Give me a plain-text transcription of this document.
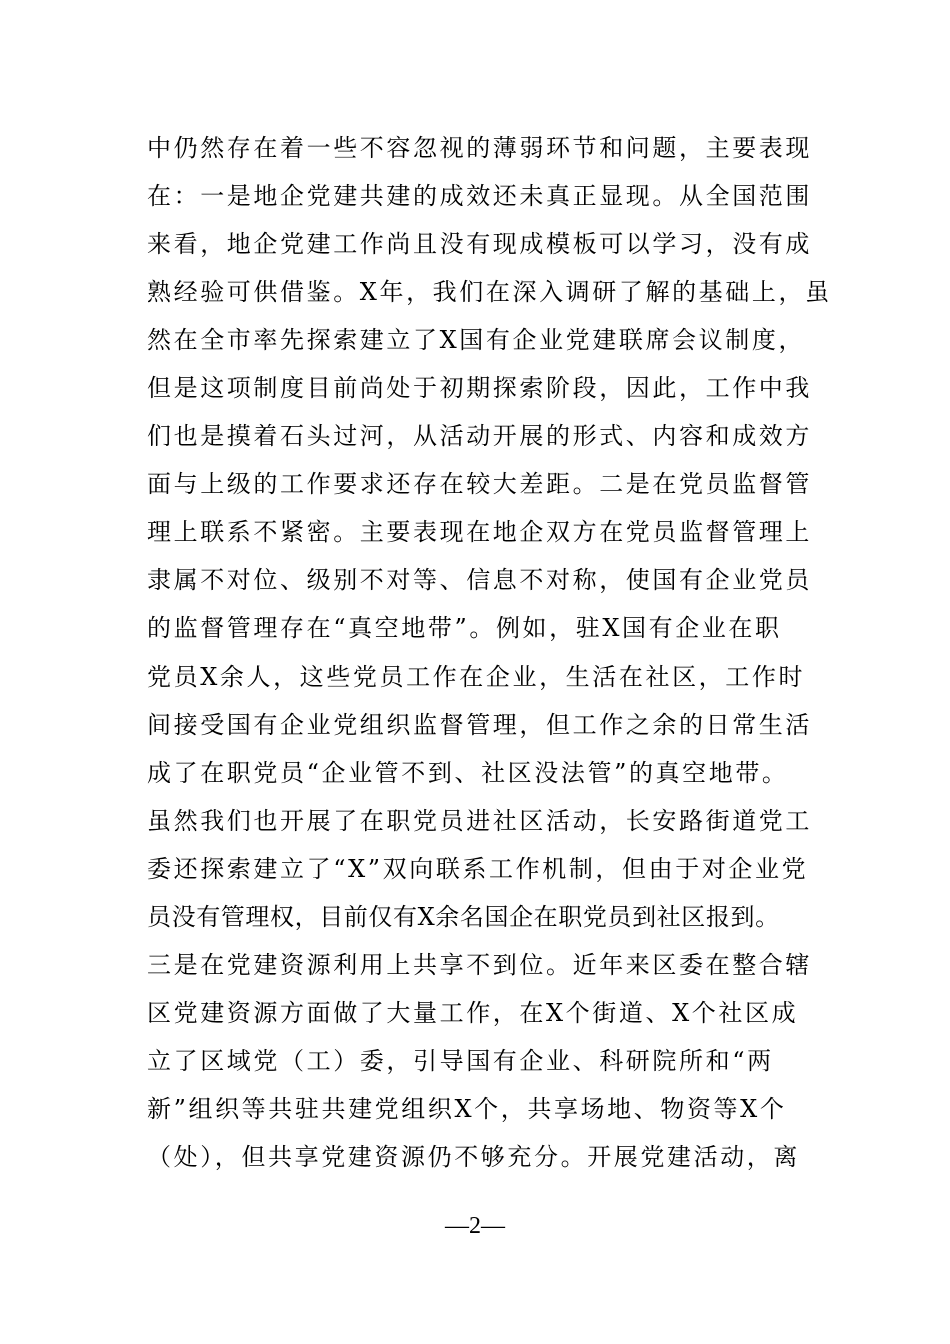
中仍然存在着一些不容忽视的薄弱环节和问题，主要表现
在：一是地企党建共建的成效还未真正显现。从全国范围
来看，地企党建工作尚且没有现成模板可以学习，没有成
熟经验可供借鉴。X年，我们在深入调研了解的基础上，虽
然在全市率先探索建立了X国有企业党建联席会议制度，
但是这项制度目前尚处于初期探索阶段，因此，工作中我
们也是摸着石头过河，从活动开展的形式、内容和成效方
面与上级的工作要求还存在较大差距。二是在党员监督管
理上联系不紧密。主要表现在地企双方在党员监督管理上
隶属不对位、级别不对等、信息不对称，使国有企业党员
的监督管理存在“真空地带”。例如，驻X国有企业在职
党员X余人，这些党员工作在企业，生活在社区，工作时
间接受国有企业党组织监督管理，但工作之余的日常生活
成了在职党员“企业管不到、社区没法管”的真空地带。
虽然我们也开展了在职党员进社区活动，长安路街道党工
委还探索建立了“X”双向联系工作机制，但由于对企业党
员没有管理权，目前仅有X余名国企在职党员到社区报到。
三是在党建资源利用上共享不到位。近年来区委在整合辖
区党建资源方面做了大量工作，在X个街道、X个社区成
立了区域党（工）委，引导国有企业、科研院所和“两
新”组织等共驻共建党组织X个，共享场地、物资等X个
（处），但共享党建资源仍不够充分。开展党建活动，离
—2—
